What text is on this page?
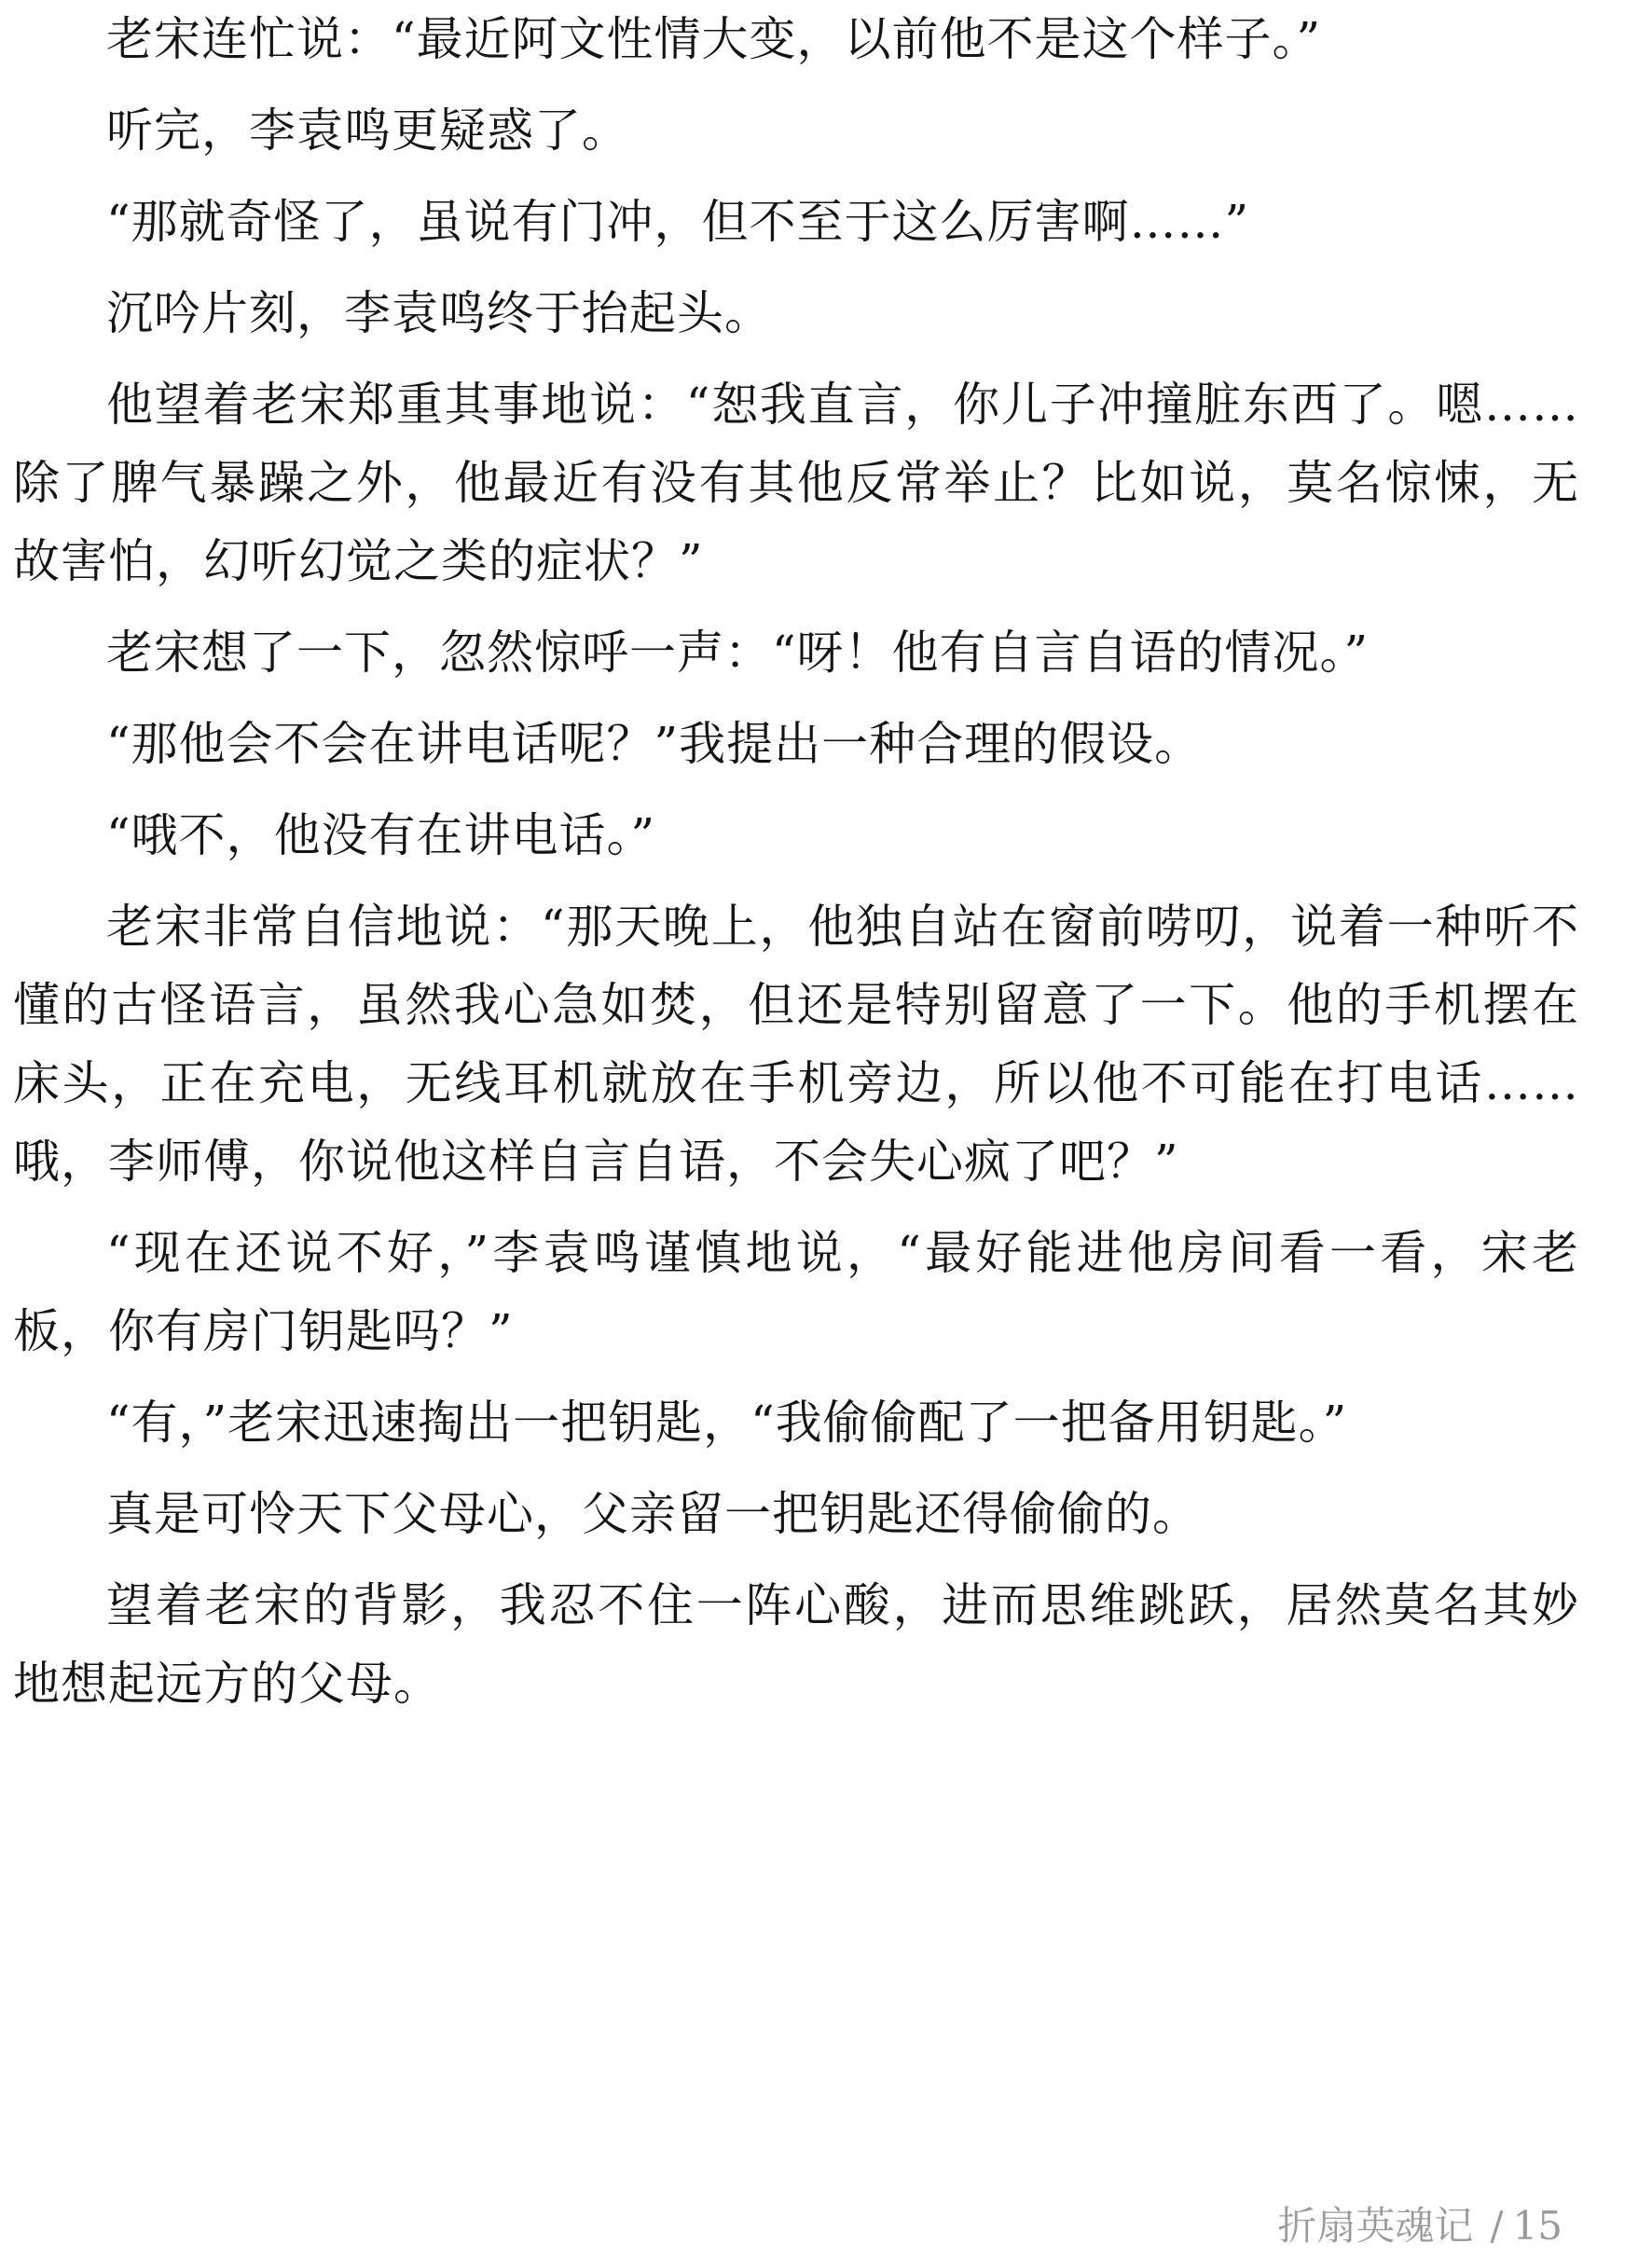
老宋连忙说：“最近阿文性情大变，以前他不是这个样子。”

听完，李袁鸣更疑惑了。

“那就奇怪了，虽说有门冲，但不至于这么厉害啊……”

沉吟片刻，李袁鸣终于抬起头。

他望着老宋郑重其事地说：“恕我直言，你儿子冲撞脏东西了。嗯……除了脾气暴躁之外，他最近有没有其他反常举止？比如说，莫名惊悚，无故害怕，幻听幻觉之类的症状？”

老宋想了一下，忽然惊呼一声：“呀！他有自言自语的情况。”

“那他会不会在讲电话呢？”我提出一种合理的假设。

“哦不，他没有在讲电话。”

老宋非常自信地说：“那天晚上，他独自站在窗前唠叨，说着一种听不懂的古怪语言，虽然我心急如焚，但还是特别留意了一下。他的手机摆在床头，正在充电，无线耳机就放在手机旁边，所以他不可能在打电话……哦，李师傅，你说他这样自言自语，不会失心疯了吧？”

“现在还说不好，”李袁鸣谨慎地说，“最好能进他房间看一看，宋老板，你有房门钥匙吗？”

“有，”老宋迅速掏出一把钥匙，“我偷偷配了一把备用钥匙。”

真是可怜天下父母心，父亲留一把钥匙还得偷偷的。

望着老宋的背影，我忍不住一阵心酸，进而思维跳跃，居然莫名其妙地想起远方的父母。

折扇英魂记 / 15
